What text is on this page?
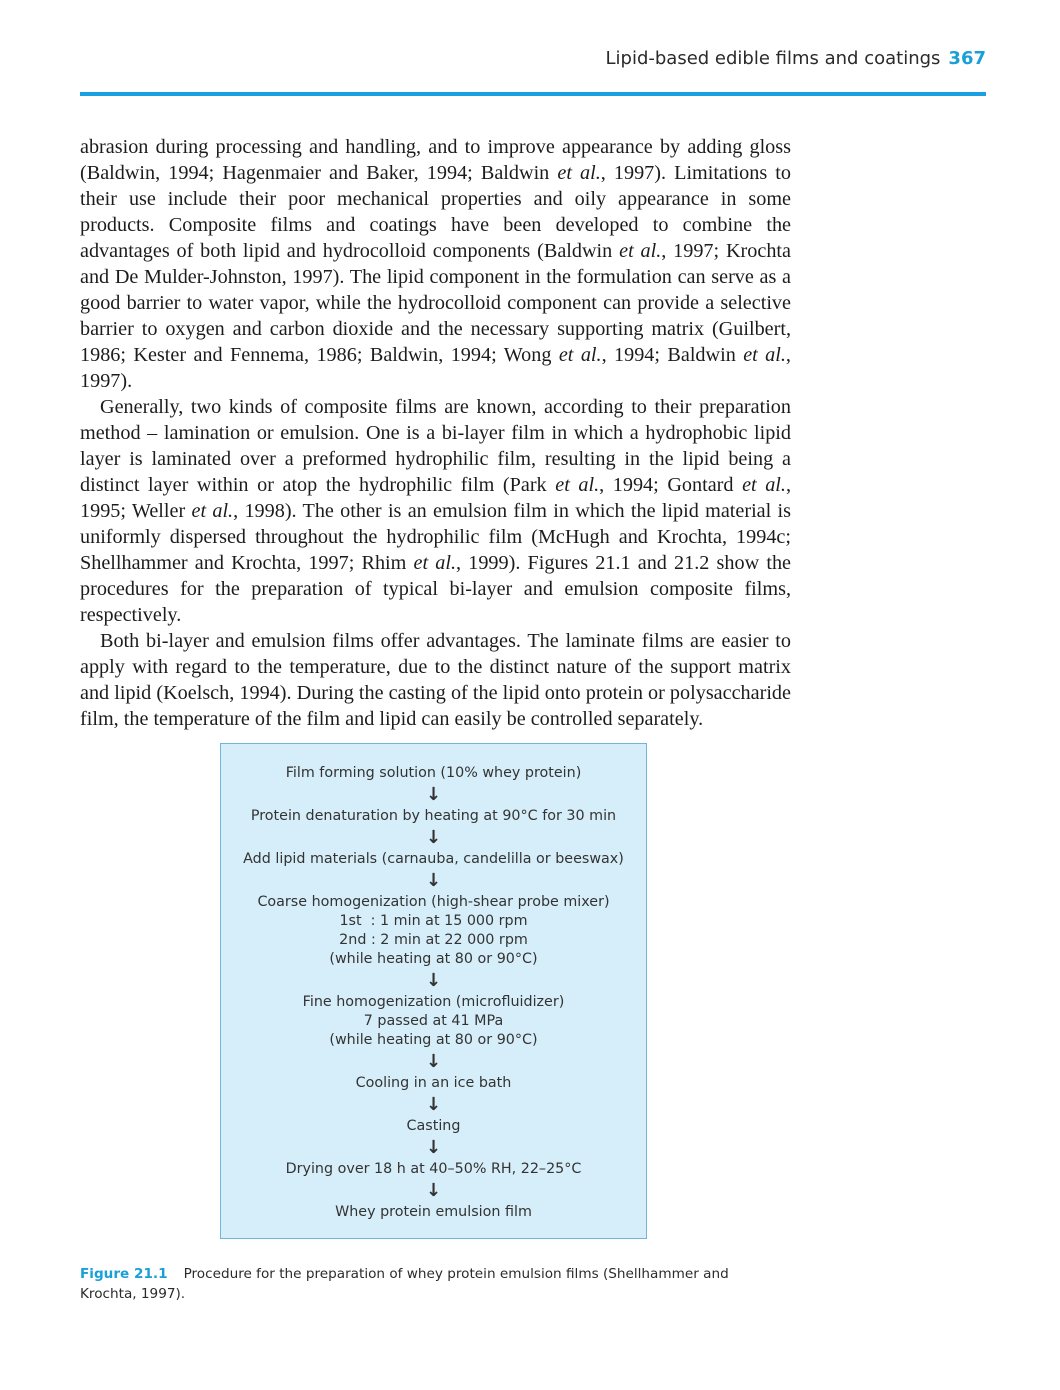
Lipid-based edible films and coatings 367

abrasion during processing and handling, and to improve appearance by adding gloss (Baldwin, 1994; Hagenmaier and Baker, 1994; Baldwin et al., 1997). Limitations to their use include their poor mechanical properties and oily appearance in some products. Composite films and coatings have been developed to combine the advantages of both lipid and hydrocolloid components (Baldwin et al., 1997; Krochta and De Mulder-Johnston, 1997). The lipid component in the formulation can serve as a good barrier to water vapor, while the hydrocolloid component can provide a selective barrier to oxygen and carbon dioxide and the necessary supporting matrix (Guilbert, 1986; Kester and Fennema, 1986; Baldwin, 1994; Wong et al., 1994; Baldwin et al., 1997).

Generally, two kinds of composite films are known, according to their preparation method – lamination or emulsion. One is a bi-layer film in which a hydrophobic lipid layer is laminated over a preformed hydrophilic film, resulting in the lipid being a distinct layer within or atop the hydrophilic film (Park et al., 1994; Gontard et al., 1995; Weller et al., 1998). The other is an emulsion film in which the lipid material is uniformly dispersed throughout the hydrophilic film (McHugh and Krochta, 1994c; Shellhammer and Krochta, 1997; Rhim et al., 1999). Figures 21.1 and 21.2 show the procedures for the preparation of typical bi-layer and emulsion composite films, respectively.

Both bi-layer and emulsion films offer advantages. The laminate films are easier to apply with regard to the temperature, due to the distinct nature of the support matrix and lipid (Koelsch, 1994). During the casting of the lipid onto protein or polysaccharide film, the temperature of the film and lipid can easily be controlled separately.

Film forming solution (10% whey protein)
↓
Protein denaturation by heating at 90°C for 30 min
↓
Add lipid materials (carnauba, candelilla or beeswax)
↓
Coarse homogenization (high-shear probe mixer)
1st  : 1 min at 15 000 rpm
2nd : 2 min at 22 000 rpm
(while heating at 80 or 90°C)
↓
Fine homogenization (microfluidizer)
7 passed at 41 MPa
(while heating at 80 or 90°C)
↓
Cooling in an ice bath
↓
Casting
↓
Drying over 18 h at 40–50% RH, 22–25°C
↓
Whey protein emulsion film
Figure 21.1 Procedure for the preparation of whey protein emulsion films (Shellhammer and Krochta, 1997).
